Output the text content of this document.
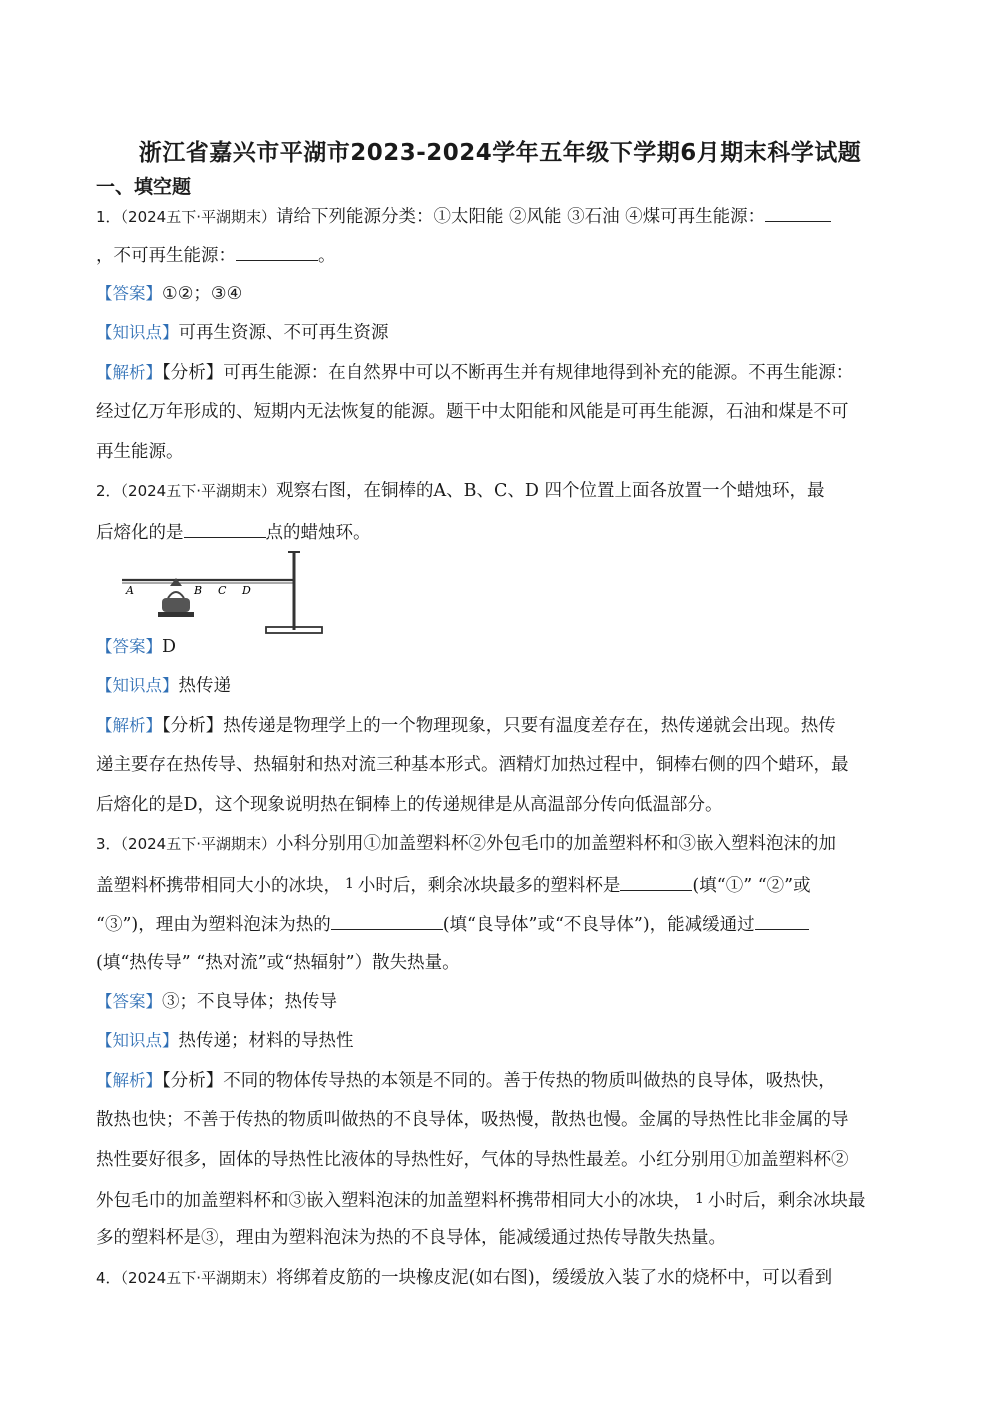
浙江省嘉兴市平湖市2023-2024学年五年级下学期6月期末科学试题
一、填空题
1．（2024五下·平湖期末）请给下列能源分类：①太阳能 ②风能 ③石油 ④煤可再生能源：
，不可再生能源：	。
【答案】①②；③④
【知识点】可再生资源、不可再生资源
【解析】【分析】可再生能源：在自然界中可以不断再生并有规律地得到补充的能源。不再生能源：
经过亿万年形成的、短期内无法恢复的能源。题干中太阳能和风能是可再生能源，石油和煤是不可
再生能源。
2．（2024五下·平湖期末）观察右图，在铜棒的A、B、C、D 四个位置上面各放置一个蜡烛环，最
后熔化的是	点的蜡烛环。
A	B C D
【答案】D
【知识点】热传递
【解析】【分析】热传递是物理学上的一个物理现象，只要有温度差存在，热传递就会出现。热传
递主要存在热传导、热辐射和热对流三种基本形式。酒精灯加热过程中，铜棒右侧的四个蜡环，最
后熔化的是D，这个现象说明热在铜棒上的传递规律是从高温部分传向低温部分。
3．（2024五下·平湖期末）小科分别用①加盖塑料杯②外包毛巾的加盖塑料杯和③嵌入塑料泡沫的加
盖塑料杯携带相同大小的冰块， 1 小时后，剩余冰块最多的塑料杯是	(填“①” “②”或
“③”)，理由为塑料泡沫为热的	(填“良导体”或“不良导体”)，能减缓通过
(填“热传导” “热对流”或“热辐射”）散失热量。
【答案】③；不良导体；热传导
【知识点】热传递；材料的导热性
【解析】【分析】不同的物体传导热的本领是不同的。善于传热的物质叫做热的良导体，吸热快，
散热也快；不善于传热的物质叫做热的不良导体，吸热慢，散热也慢。金属的导热性比非金属的导
热性要好很多，固体的导热性比液体的导热性好，气体的导热性最差。小红分别用①加盖塑料杯②
外包毛巾的加盖塑料杯和③嵌入塑料泡沫的加盖塑料杯携带相同大小的冰块， 1 小时后，剩余冰块最
多的塑料杯是③，理由为塑料泡沫为热的不良导体，能减缓通过热传导散失热量。
4．（2024五下·平湖期末）将绑着皮筋的一块橡皮泥(如右图)，缓缓放入装了水的烧杯中，可以看到
